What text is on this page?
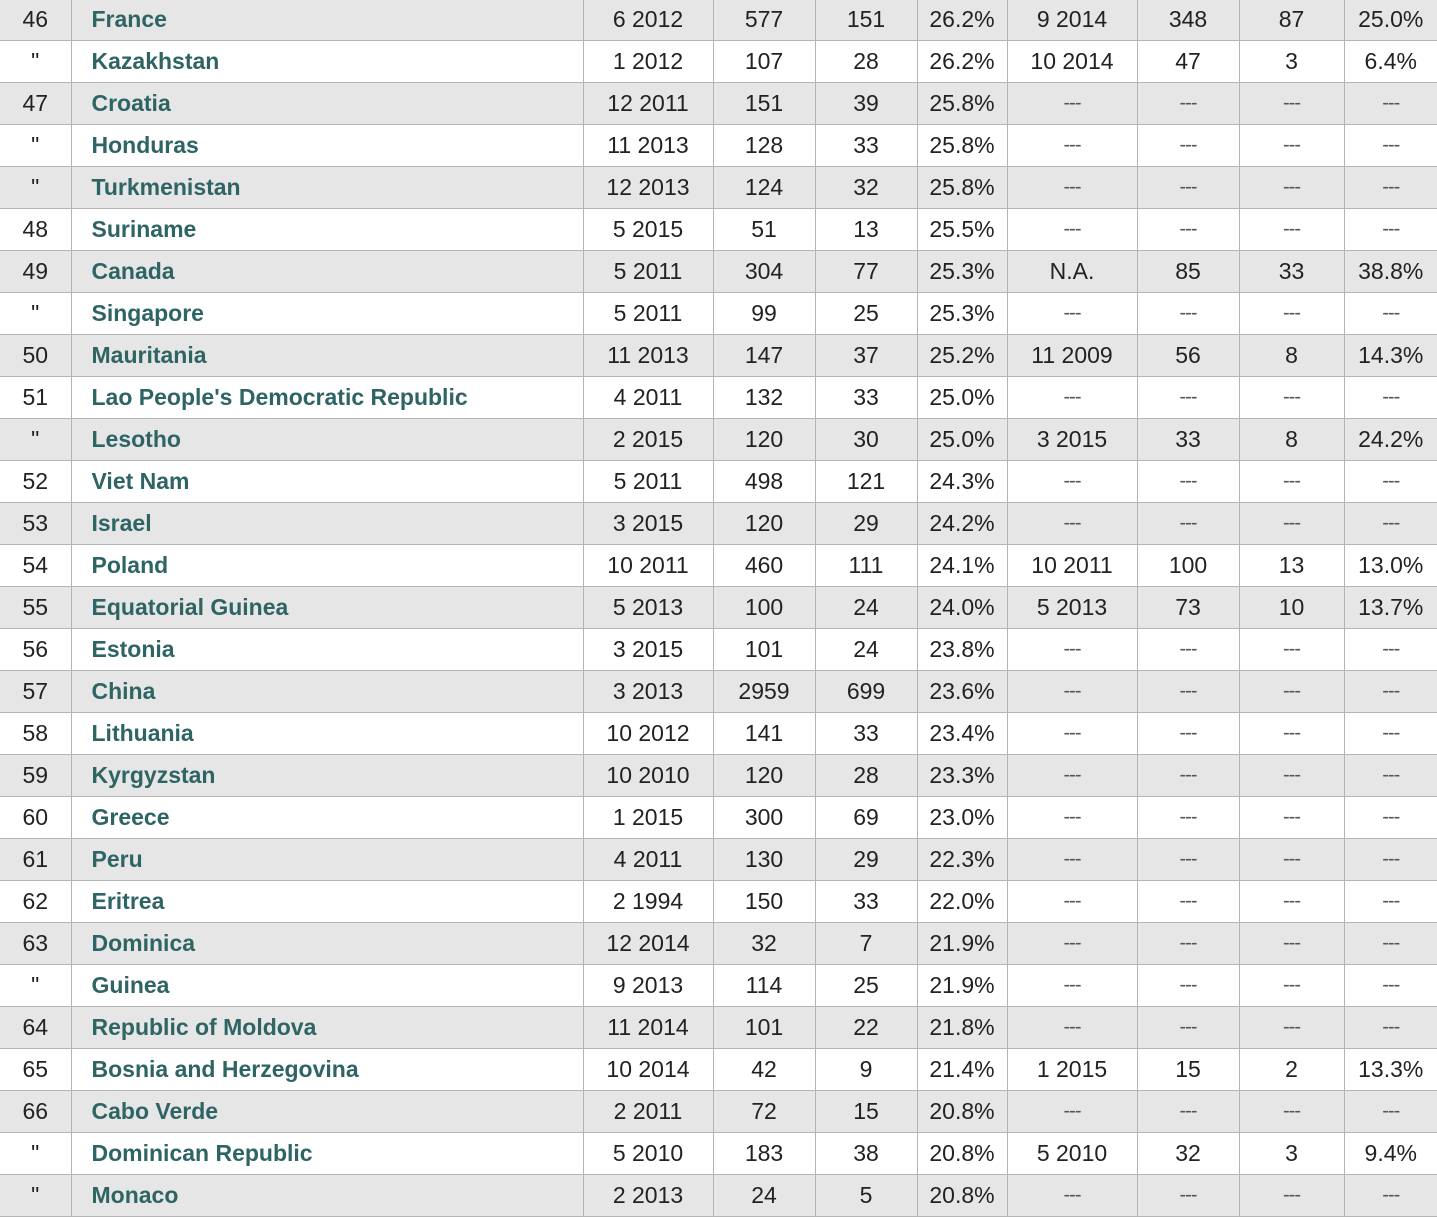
46	France	6 2012	577	151	26.2%	9 2014	348	87	25.0%
"	Kazakhstan	1 2012	107	28	26.2%	10 2014	47	3	6.4%
47	Croatia	12 2011	151	39	25.8%	---	---	---	---
"	Honduras	11 2013	128	33	25.8%	---	---	---	---
"	Turkmenistan	12 2013	124	32	25.8%	---	---	---	---
48	Suriname	5 2015	51	13	25.5%	---	---	---	---
49	Canada	5 2011	304	77	25.3%	N.A.	85	33	38.8%
"	Singapore	5 2011	99	25	25.3%	---	---	---	---
50	Mauritania	11 2013	147	37	25.2%	11 2009	56	8	14.3%
51	Lao People's Democratic Republic	4 2011	132	33	25.0%	---	---	---	---
"	Lesotho	2 2015	120	30	25.0%	3 2015	33	8	24.2%
52	Viet Nam	5 2011	498	121	24.3%	---	---	---	---
53	Israel	3 2015	120	29	24.2%	---	---	---	---
54	Poland	10 2011	460	111	24.1%	10 2011	100	13	13.0%
55	Equatorial Guinea	5 2013	100	24	24.0%	5 2013	73	10	13.7%
56	Estonia	3 2015	101	24	23.8%	---	---	---	---
57	China	3 2013	2959	699	23.6%	---	---	---	---
58	Lithuania	10 2012	141	33	23.4%	---	---	---	---
59	Kyrgyzstan	10 2010	120	28	23.3%	---	---	---	---
60	Greece	1 2015	300	69	23.0%	---	---	---	---
61	Peru	4 2011	130	29	22.3%	---	---	---	---
62	Eritrea	2 1994	150	33	22.0%	---	---	---	---
63	Dominica	12 2014	32	7	21.9%	---	---	---	---
"	Guinea	9 2013	114	25	21.9%	---	---	---	---
64	Republic of Moldova	11 2014	101	22	21.8%	---	---	---	---
65	Bosnia and Herzegovina	10 2014	42	9	21.4%	1 2015	15	2	13.3%
66	Cabo Verde	2 2011	72	15	20.8%	---	---	---	---
"	Dominican Republic	5 2010	183	38	20.8%	5 2010	32	3	9.4%
"	Monaco	2 2013	24	5	20.8%	---	---	---	---
